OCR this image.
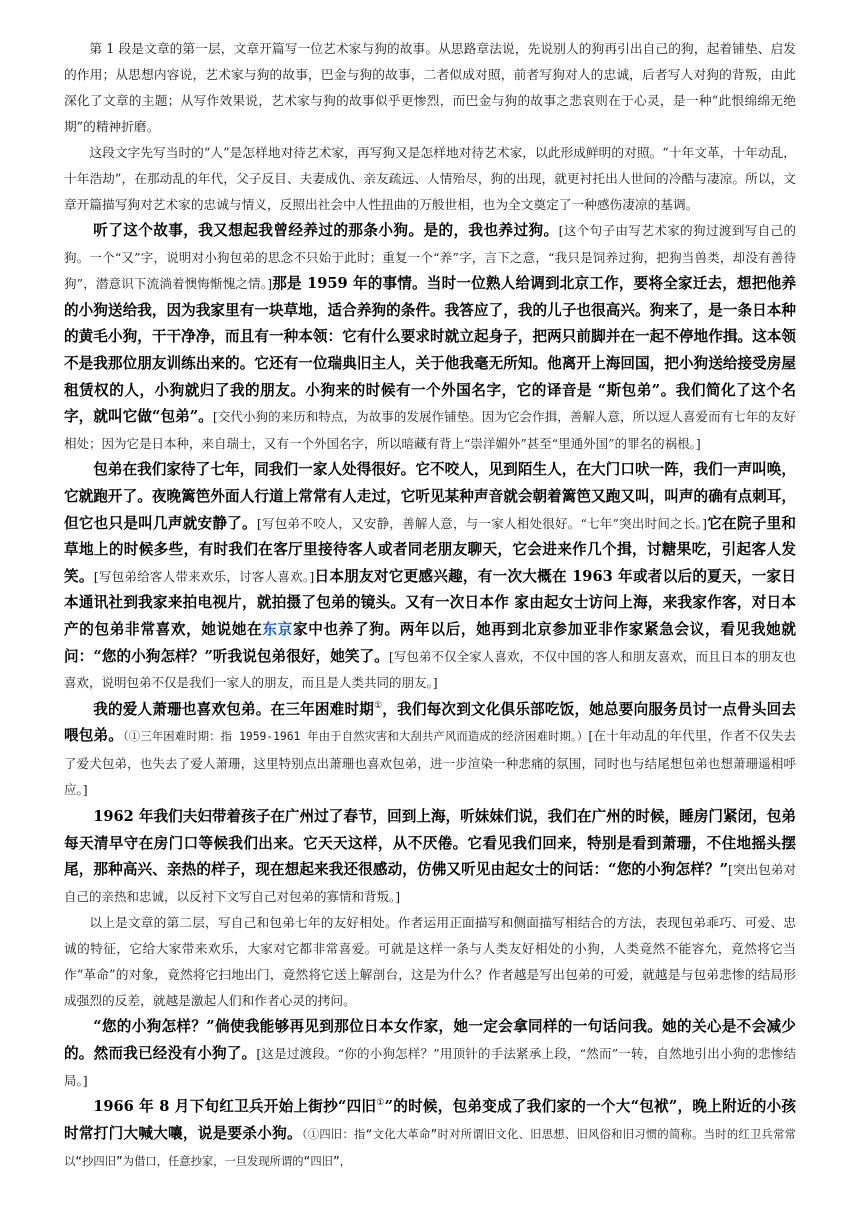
第 1 段是文章的第一层，文章开篇写一位艺术家与狗的故事。从思路章法说，先说别人的狗再引出自己的狗，起着铺垫、启发的作用；从思想内容说，艺术家与狗的故事，巴金与狗的故事，二者似成对照，前者写狗对人的忠诚，后者写人对狗的背叛，由此深化了文章的主题；从写作效果说，艺术家与狗的故事似乎更惨烈，而巴金与狗的故事之悲哀则在于心灵，是一种“此恨绵绵无绝期”的精神折磨。

这段文字先写当时的“人”是怎样地对待艺术家，再写狗又是怎样地对待艺术家，以此形成鲜明的对照。“十年文革，十年动乱，十年浩劫”，在那动乱的年代，父子反目、夫妻成仇、亲友疏远、人情殆尽，狗的出现，就更衬托出人世间的冷酷与凄凉。所以，文章开篇描写狗对艺术家的忠诚与情义，反照出社会中人性扭曲的万般世相，也为全文奠定了一种感伤凄凉的基调。

听了这个故事，我又想起我曾经养过的那条小狗。是的，我也养过狗。[这个句子由写艺术家的狗过渡到写自己的狗。一个“又”字，说明对小狗包弟的思念不只始于此时；重复一个“养”字，言下之意，“我只是饲养过狗，把狗当兽类，却没有善待狗”，潜意识下流淌着懊悔惭愧之情。]那是 1959 年的事情。当时一位熟人给调到北京工作，要将全家迁去，想把他养的小狗送给我，因为我家里有一块草地，适合养狗的条件。我答应了，我的儿子也很高兴。狗来了，是一条日本种的黄毛小狗，干干净净，而且有一种本领：它有什么要求时就立起身子，把两只前脚并在一起不停地作揖。这本领不是我那位朋友训练出来的。它还有一位瑞典旧主人，关于他我毫无所知。他离开上海回国，把小狗送给接受房屋租赁权的人，小狗就归了我的朋友。小狗来的时候有一个外国名字，它的译音是 “斯包弟”。我们简化了这个名字，就叫它做“包弟”。[交代小狗的来历和特点，为故事的发展作铺垫。因为它会作揖，善解人意，所以逗人喜爱而有七年的友好相处；因为它是日本种，来自瑞士，又有一个外国名字，所以暗藏有背上“崇洋媚外”甚至“里通外国”的罪名的祸根。]

包弟在我们家待了七年，同我们一家人处得很好。它不咬人，见到陌生人，在大门口吠一阵，我们一声叫唤，它就跑开了。夜晚篱笆外面人行道上常常有人走过，它听见某种声音就会朝着篱笆又跑又叫，叫声的确有点刺耳，但它也只是叫几声就安静了。[写包弟不咬人，又安静，善解人意，与一家人相处很好。“七年”突出时间之长。]它在院子里和草地上的时候多些，有时我们在客厅里接待客人或者同老朋友聊天，它会进来作几个揖，讨糖果吃，引起客人发笑。[写包弟给客人带来欢乐，讨客人喜欢。]日本朋友对它更感兴趣，有一次大概在 1963 年或者以后的夏天，一家日本通讯社到我家来拍电视片，就拍摄了包弟的镜头。又有一次日本作 家由起女士访问上海，来我家作客，对日本产的包弟非常喜欢，她说她在东京家中也养了狗。两年以后，她再到北京参加亚非作家紧急会议，看见我她就问：“您的小狗怎样？”听我说包弟很好，她笑了。[写包弟不仅全家人喜欢，不仅中国的客人和朋友喜欢，而且日本的朋友也喜欢，说明包弟不仅是我们一家人的朋友，而且是人类共同的朋友。]

我的爱人萧珊也喜欢包弟。在三年困难时期①，我们每次到文化俱乐部吃饭，她总要向服务员讨一点骨头回去喂包弟。（①三年困难时期：指 1959-1961 年由于自然灾害和大刮共产风而造成的经济困难时期。）[在十年动乱的年代里，作者不仅失去了爱犬包弟，也失去了爱人萧珊，这里特别点出萧珊也喜欢包弟，进一步渲染一种悲痛的氛围，同时也与结尾想包弟也想萧珊遥相呼应。]

1962 年我们夫妇带着孩子在广州过了春节，回到上海，听妹妹们说，我们在广州的时候，睡房门紧闭，包弟每天清早守在房门口等候我们出来。它天天这样，从不厌倦。它看见我们回来，特别是看到萧珊，不住地摇头摆尾，那种高兴、亲热的样子，现在想起来我还很感动，仿佛又听见由起女士的问话：“您的小狗怎样？”[突出包弟对自己的亲热和忠诚，以反衬下文写自己对包弟的寡情和背叛。]

以上是文章的第二层，写自己和包弟七年的友好相处。作者运用正面描写和侧面描写相结合的方法，表现包弟乖巧、可爱、忠诚的特征，它给大家带来欢乐，大家对它都非常喜爱。可就是这样一条与人类友好相处的小狗，人类竟然不能容允，竟然将它当作“革命”的对象，竟然将它扫地出门，竟然将它送上解剖台，这是为什么？作者越是写出包弟的可爱，就越是与包弟悲惨的结局形成强烈的反差，就越是激起人们和作者心灵的拷问。

“您的小狗怎样？”倘使我能够再见到那位日本女作家，她一定会拿同样的一句话问我。她的关心是不会减少的。然而我已经没有小狗了。[这是过渡段。“你的小狗怎样？”用顶针的手法紧承上段，“然而”一转，自然地引出小狗的悲惨结局。]

1966 年 8 月下旬红卫兵开始上街抄“四旧①”的时候，包弟变成了我们家的一个大“包袱”，晚上附近的小孩时常打门大喊大嚷，说是要杀小狗。（①四旧：指“文化大革命”时对所谓旧文化、旧思想、旧风俗和旧习惯的简称。当时的红卫兵常常以“抄四旧”为借口，任意抄家，一旦发现所谓的“四旧”，
